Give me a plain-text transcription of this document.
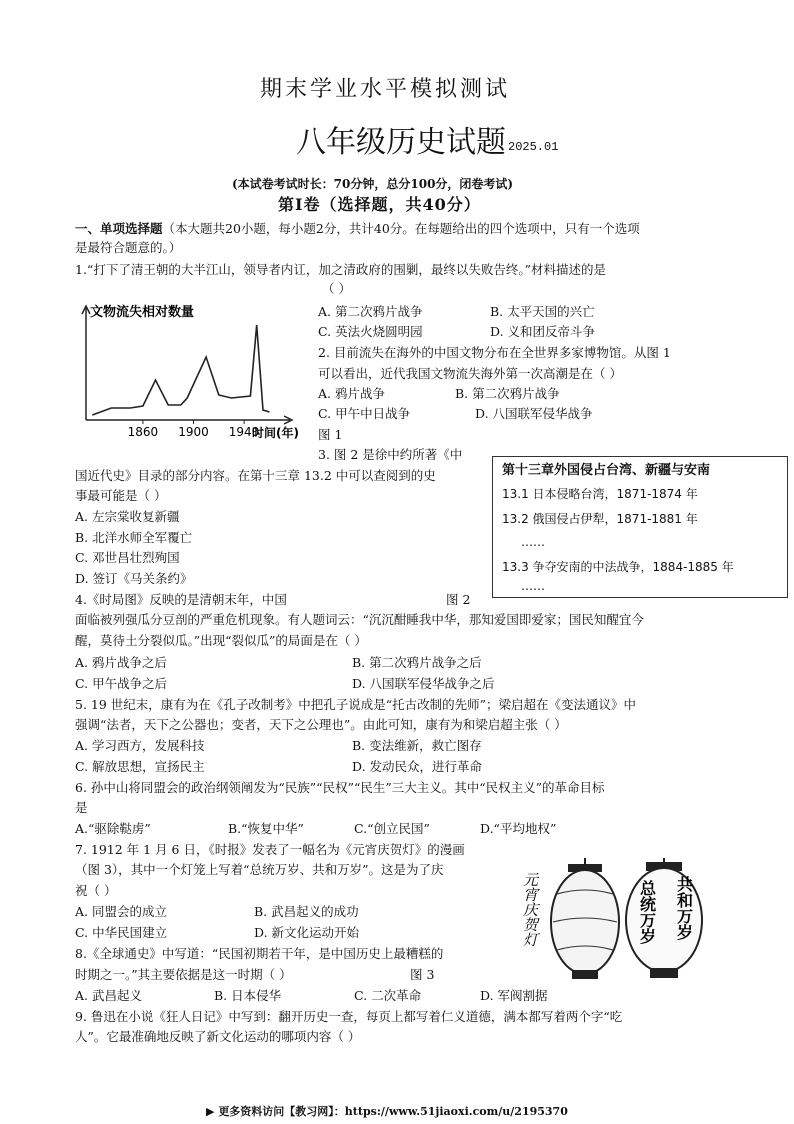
期末学业水平模拟测试
八年级历史试题 2025.01
(本试卷考试时长：70分钟，总分100分，闭卷考试)
第Ⅰ卷（选择题，共40分）
一、单项选择题（本大题共20小题，每小题2分，共计40分。在每题给出的四个选项中，只有一个选项
是最符合题意的。）
1.“打下了清王朝的大半江山，领导者内讧，加之清政府的围剿，最终以失败告终。”材料描述的是
（ ）
A. 第二次鸦片战争	B. 太平天国的兴亡
C. 英法火烧圆明园	D. 义和团反帝斗争
1860 1900 1940
文物流失相对数量
时间(年)
2. 目前流失在海外的中国文物分布在全世界多家博物馆。从图 1
可以看出，近代我国文物流失海外第一次高潮是在（ ）
A. 鸦片战争	B. 第二次鸦片战争
C. 甲午中日战争	D. 八国联军侵华战争
图 1
3. 图 2 是徐中约所著《中
国近代史》目录的部分内容。在第十三章 13.2 中可以查阅到的史
事最可能是（ ）
A. 左宗棠收复新疆
B. 北洋水师全军覆亡
C. 邓世昌壮烈殉国
D. 签订《马关条约》
第十三章外国侵占台湾、新疆与安南
13.1 日本侵略台湾，1871-1874 年
13.2 俄国侵占伊犁，1871-1881 年
……
13.3 争夺安南的中法战争，1884-1885 年
……
4.《时局图》反映的是清朝末年，中国	图 2
面临被列强瓜分豆剖的严重危机现象。有人题词云：“沉沉酣睡我中华，那知爱国即爱家；国民知醒宜今
醒，莫待土分裂似瓜。”出现“裂似瓜”的局面是在（ ）
A. 鸦片战争之后	B. 第二次鸦片战争之后
C. 甲午战争之后	D. 八国联军侵华战争之后
5. 19 世纪末，康有为在《孔子改制考》中把孔子说成是“托古改制的先师”；梁启超在《变法通议》中
强调“法者，天下之公器也；变者，天下之公理也”。由此可知，康有为和梁启超主张（ ）
A. 学习西方，发展科技	B. 变法维新，救亡图存
C. 解放思想，宣扬民主	D. 发动民众，进行革命
6. 孙中山将同盟会的政治纲领阐发为“民族”“民权”“民生”三大主义。其中“民权主义”的革命目标
是
A.“驱除鞑虏”	B.“恢复中华”	C.“创立民国”	D.“平均地权”
7. 1912 年 1 月 6 日，《时报》发表了一幅名为《元宵庆贺灯》的漫画
（图 3），其中一个灯笼上写着“总统万岁、共和万岁”。这是为了庆
祝（ ）
A. 同盟会的成立	B. 武昌起义的成功
C. 中华民国建立	D. 新文化运动开始	元宵庆贺灯	总统万岁 共和万岁
8.《全球通史》中写道：“民国初期若干年，是中国历史上最糟糕的
时期之一。”其主要依据是这一时期（ ）	图 3
A. 武昌起义	B. 日本侵华	C. 二次革命	D. 军阀割据
9. 鲁迅在小说《狂人日记》中写到：翻开历史一查，每页上都写着仁义道德，满本都写着两个字“吃
人”。它最准确地反映了新文化运动的哪项内容（ ）
▶ 更多资料访问【教习网】：https://www.51jiaoxi.com/u/2195370
